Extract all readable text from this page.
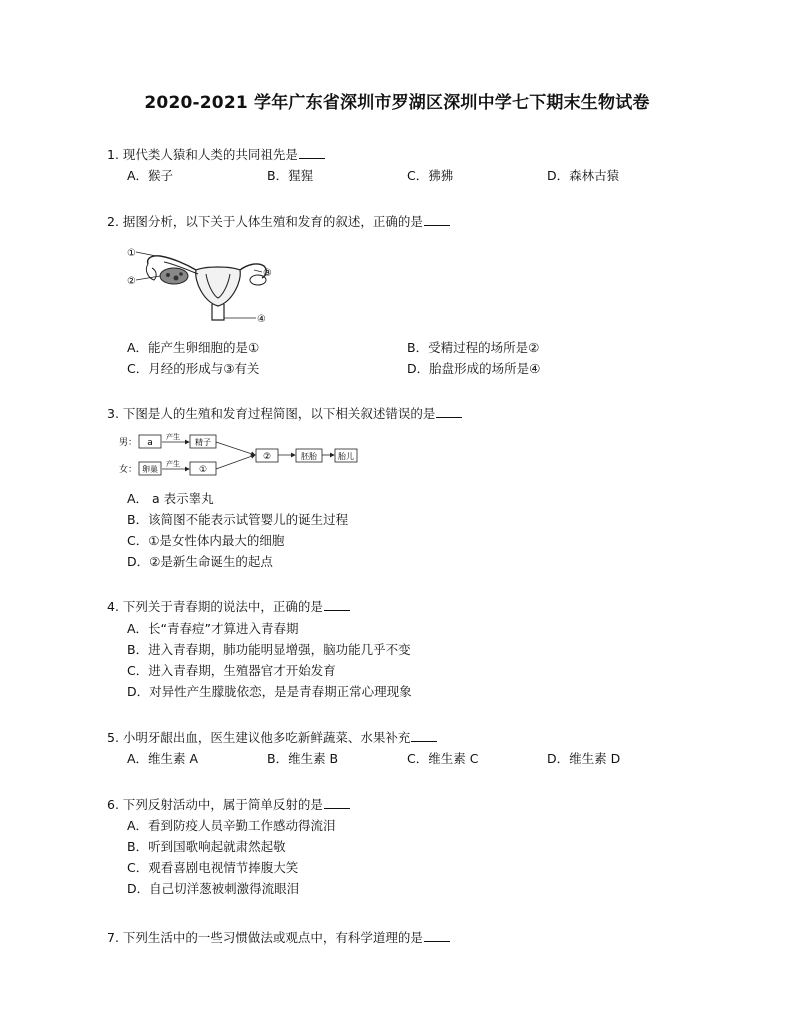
2020-2021 学年广东省深圳市罗湖区深圳中学七下期末生物试卷
1. 现代类人猿和人类的共同祖先是
A．猴子	B．猩猩	C．狒狒	D．森林古猿
2. 据图分析，以下关于人体生殖和发育的叙述，正确的是
①
②
③
④
A．能产生卵细胞的是①	B．受精过程的场所是②
C．月经的形成与③有关	D．胎盘形成的场所是④
3. 下图是人的生殖和发育过程简图，以下相关叙述错误的是
男：
女：
a
产生
精子
卵巢
产生
①
②	胚胎	胎儿
A． a 表示睾丸
B．该简图不能表示试管婴儿的诞生过程
C．①是女性体内最大的细胞
D．②是新生命诞生的起点
4. 下列关于青春期的说法中，正确的是
A．长“青春痘”才算进入青春期
B．进入青春期，肺功能明显增强，脑功能几乎不变
C．进入青春期，生殖器官才开始发育
D．对异性产生朦胧依恋，是是青春期正常心理现象
5. 小明牙龈出血，医生建议他多吃新鲜蔬菜、水果补充
A．维生素 A	B．维生素 B	C．维生素 C	D．维生素 D
6. 下列反射活动中，属于简单反射的是
A．看到防疫人员辛勤工作感动得流泪
B．听到国歌响起就肃然起敬
C．观看喜剧电视情节捧腹大笑
D．自己切洋葱被刺激得流眼泪
7. 下列生活中的一些习惯做法或观点中，有科学道理的是
